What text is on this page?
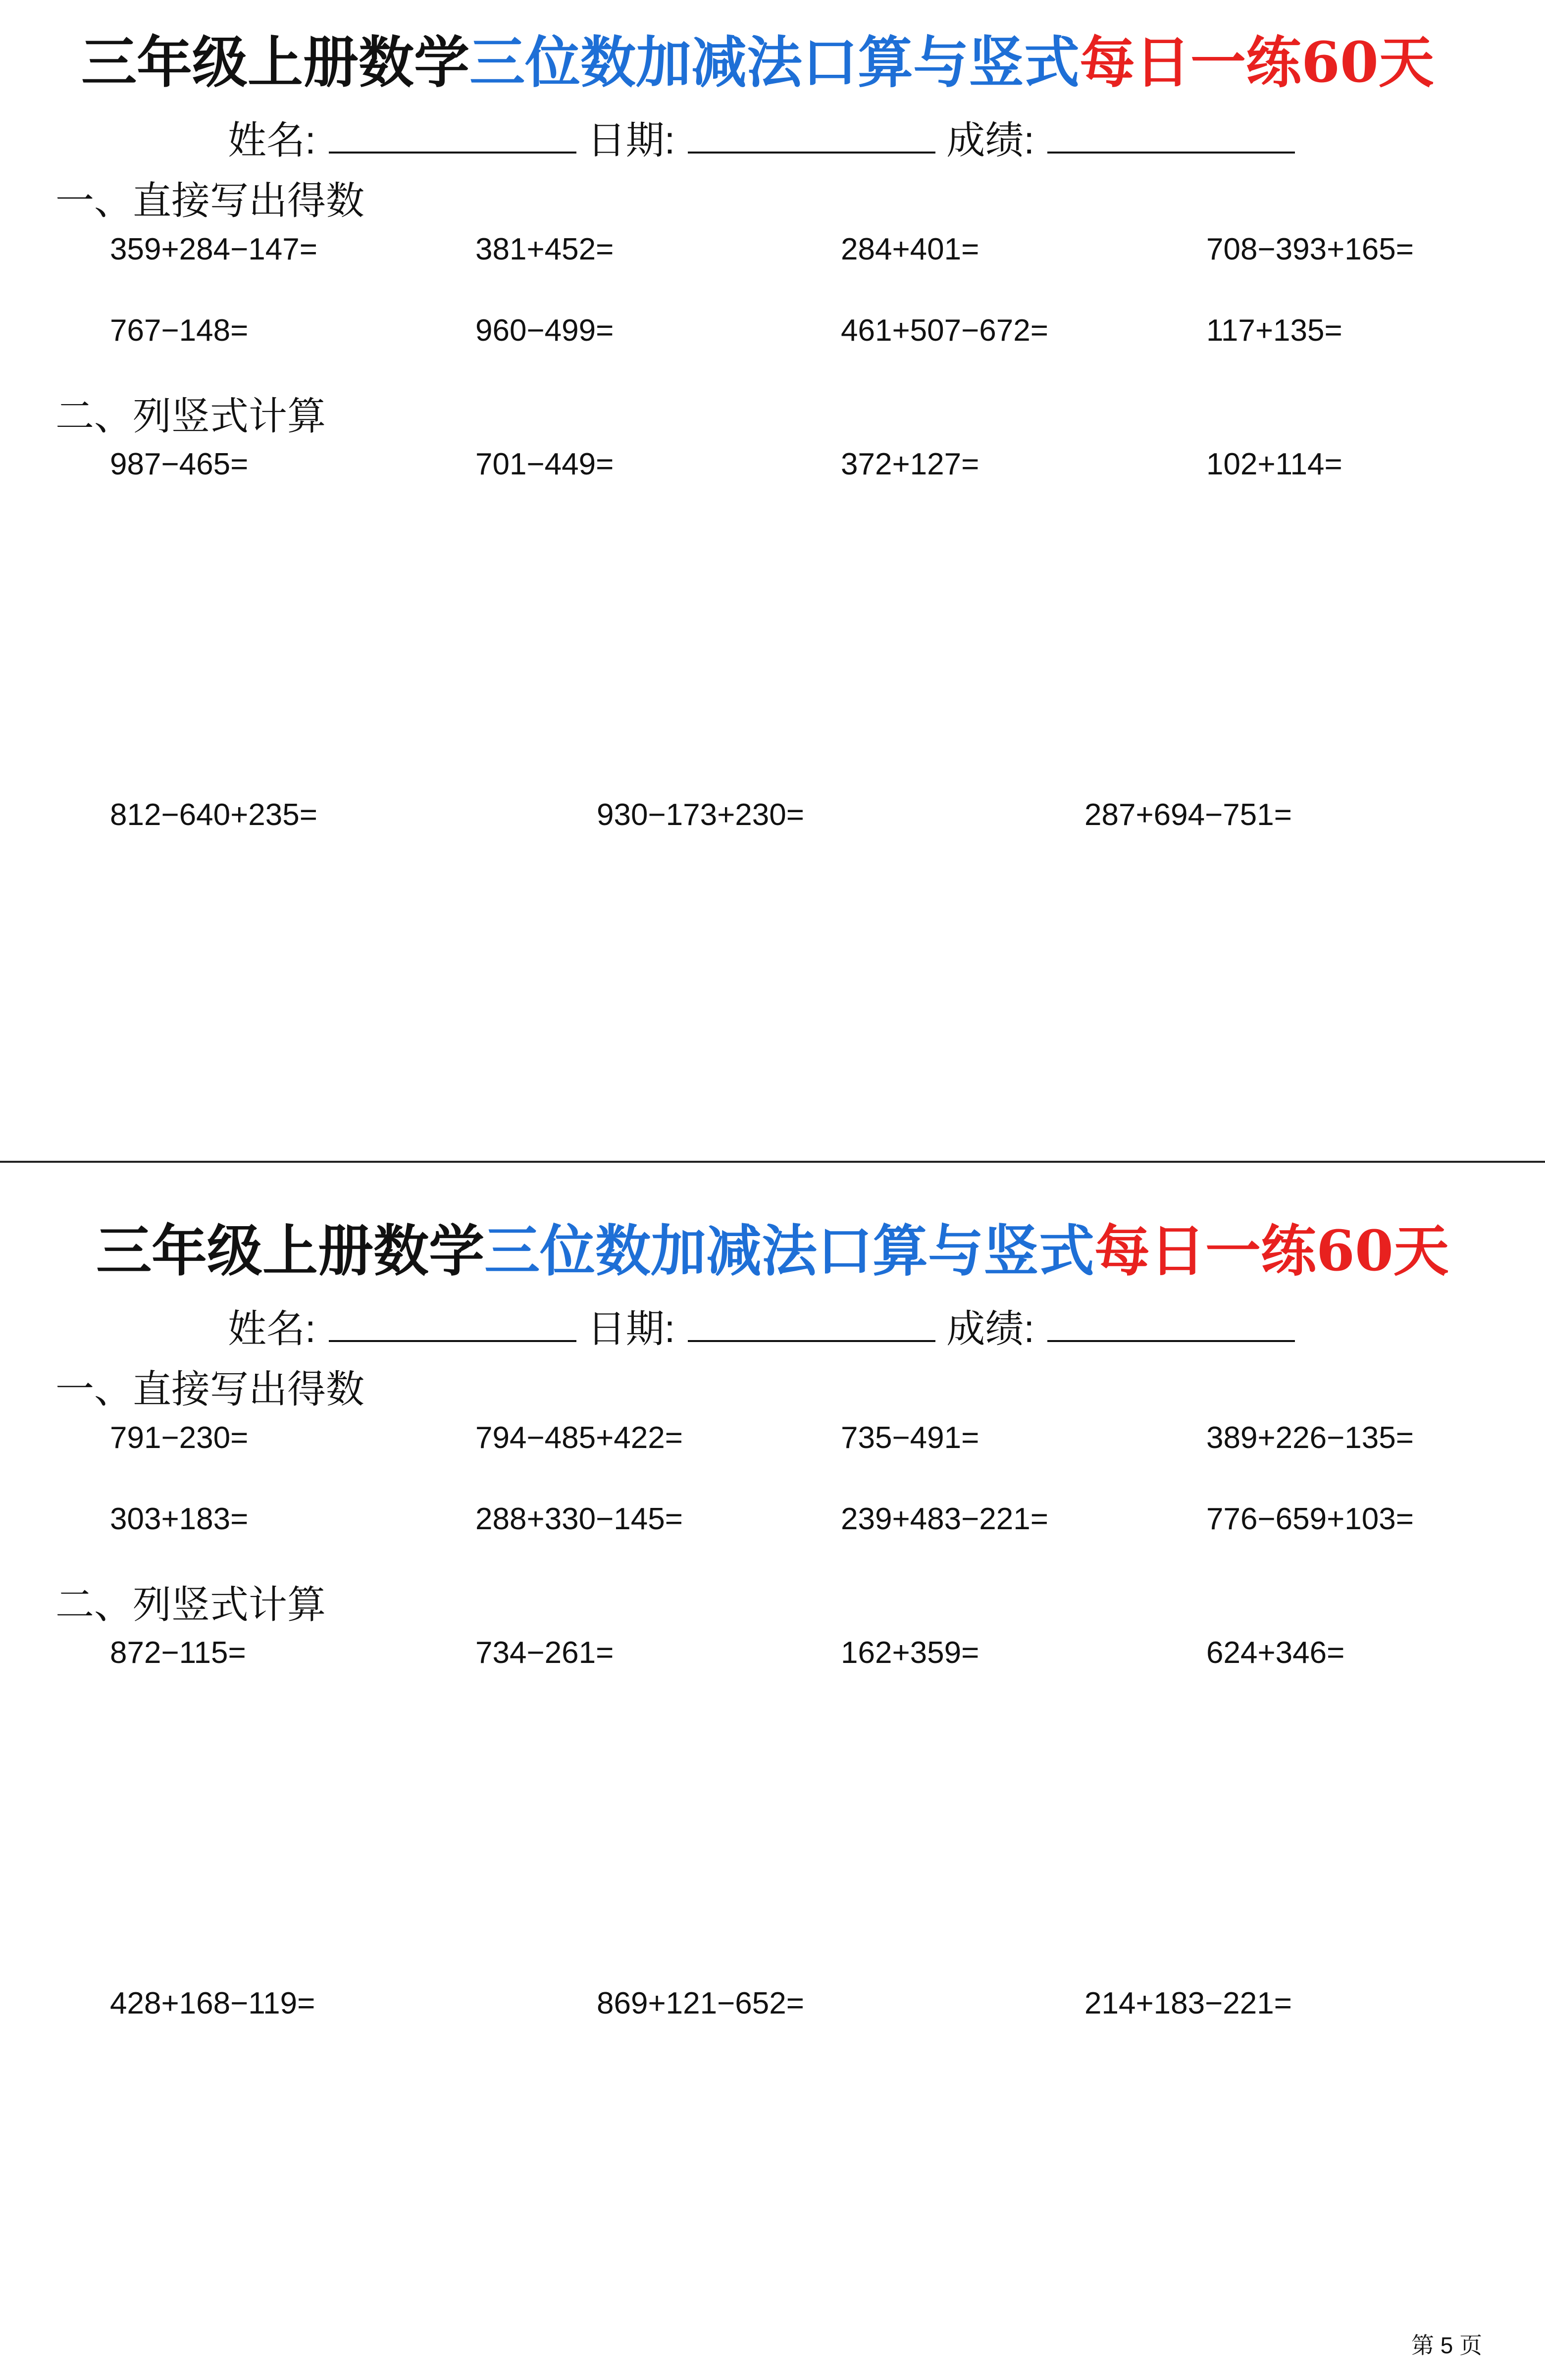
三年级上册数学三位数加减法口算与竖式每日一练60天
姓名:	日期:	成绩:
一、直接写出得数
359+284−147=	381+452=	284+401=	708−393+165=
767−148=	960−499=	461+507−672=	117+135=
二、列竖式计算
987−465=	701−449=	372+127=	102+114=
812−640+235=	930−173+230=	287+694−751=
三年级上册数学三位数加减法口算与竖式每日一练60天
姓名:	日期:	成绩:
一、直接写出得数
791−230=	794−485+422=	735−491=	389+226−135=
303+183=	288+330−145=	239+483−221=	776−659+103=
二、列竖式计算
872−115=	734−261=	162+359=	624+346=
428+168−119=	869+121−652=	214+183−221=
第 5 页
